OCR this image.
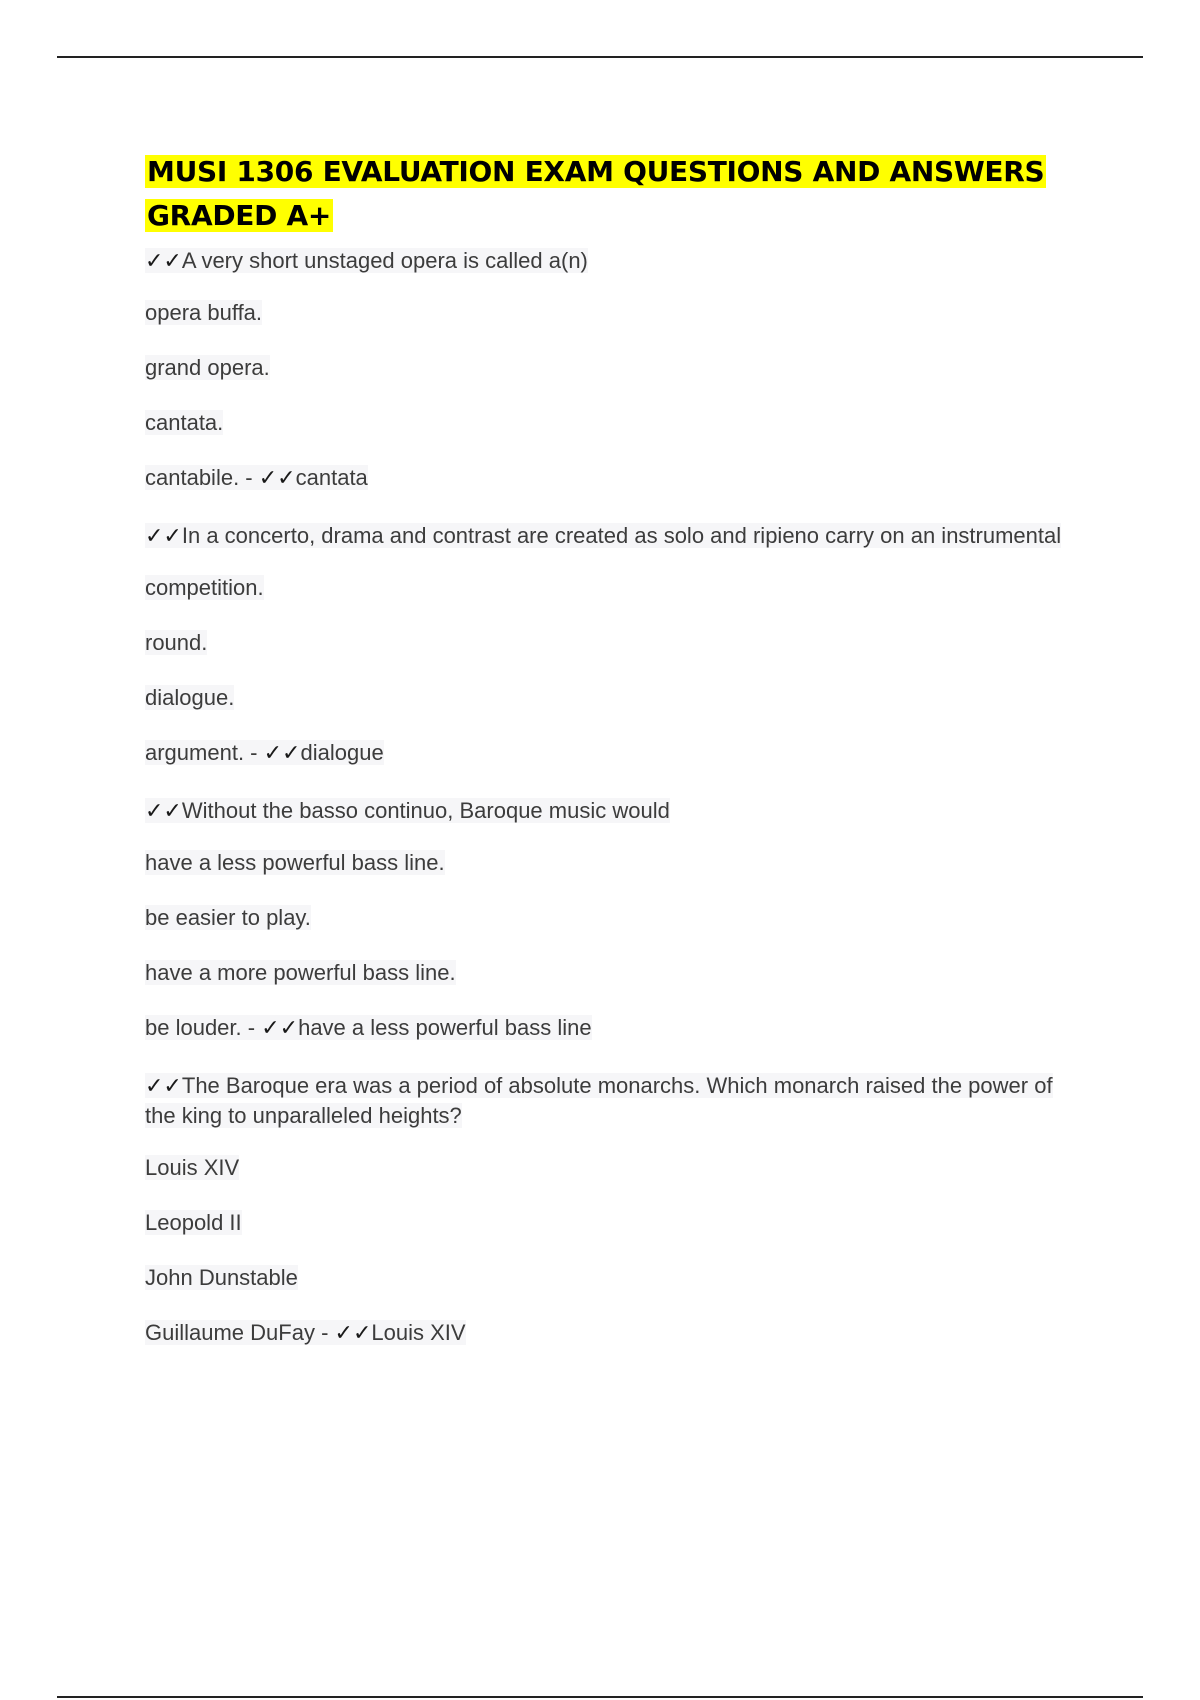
MUSI 1306 EVALUATION EXAM QUESTIONS AND ANSWERS GRADED A+

✓✓A very short unstaged opera is called a(n)

opera buffa.

grand opera.

cantata.

cantabile. - ✓✓cantata

✓✓In a concerto, drama and contrast are created as solo and ripieno carry on an instrumental

competition.

round.

dialogue.

argument. - ✓✓dialogue

✓✓Without the basso continuo, Baroque music would

have a less powerful bass line.

be easier to play.

have a more powerful bass line.

be louder. - ✓✓have a less powerful bass line

✓✓The Baroque era was a period of absolute monarchs. Which monarch raised the power of the king to unparalleled heights?

Louis XIV

Leopold II

John Dunstable

Guillaume DuFay - ✓✓Louis XIV
